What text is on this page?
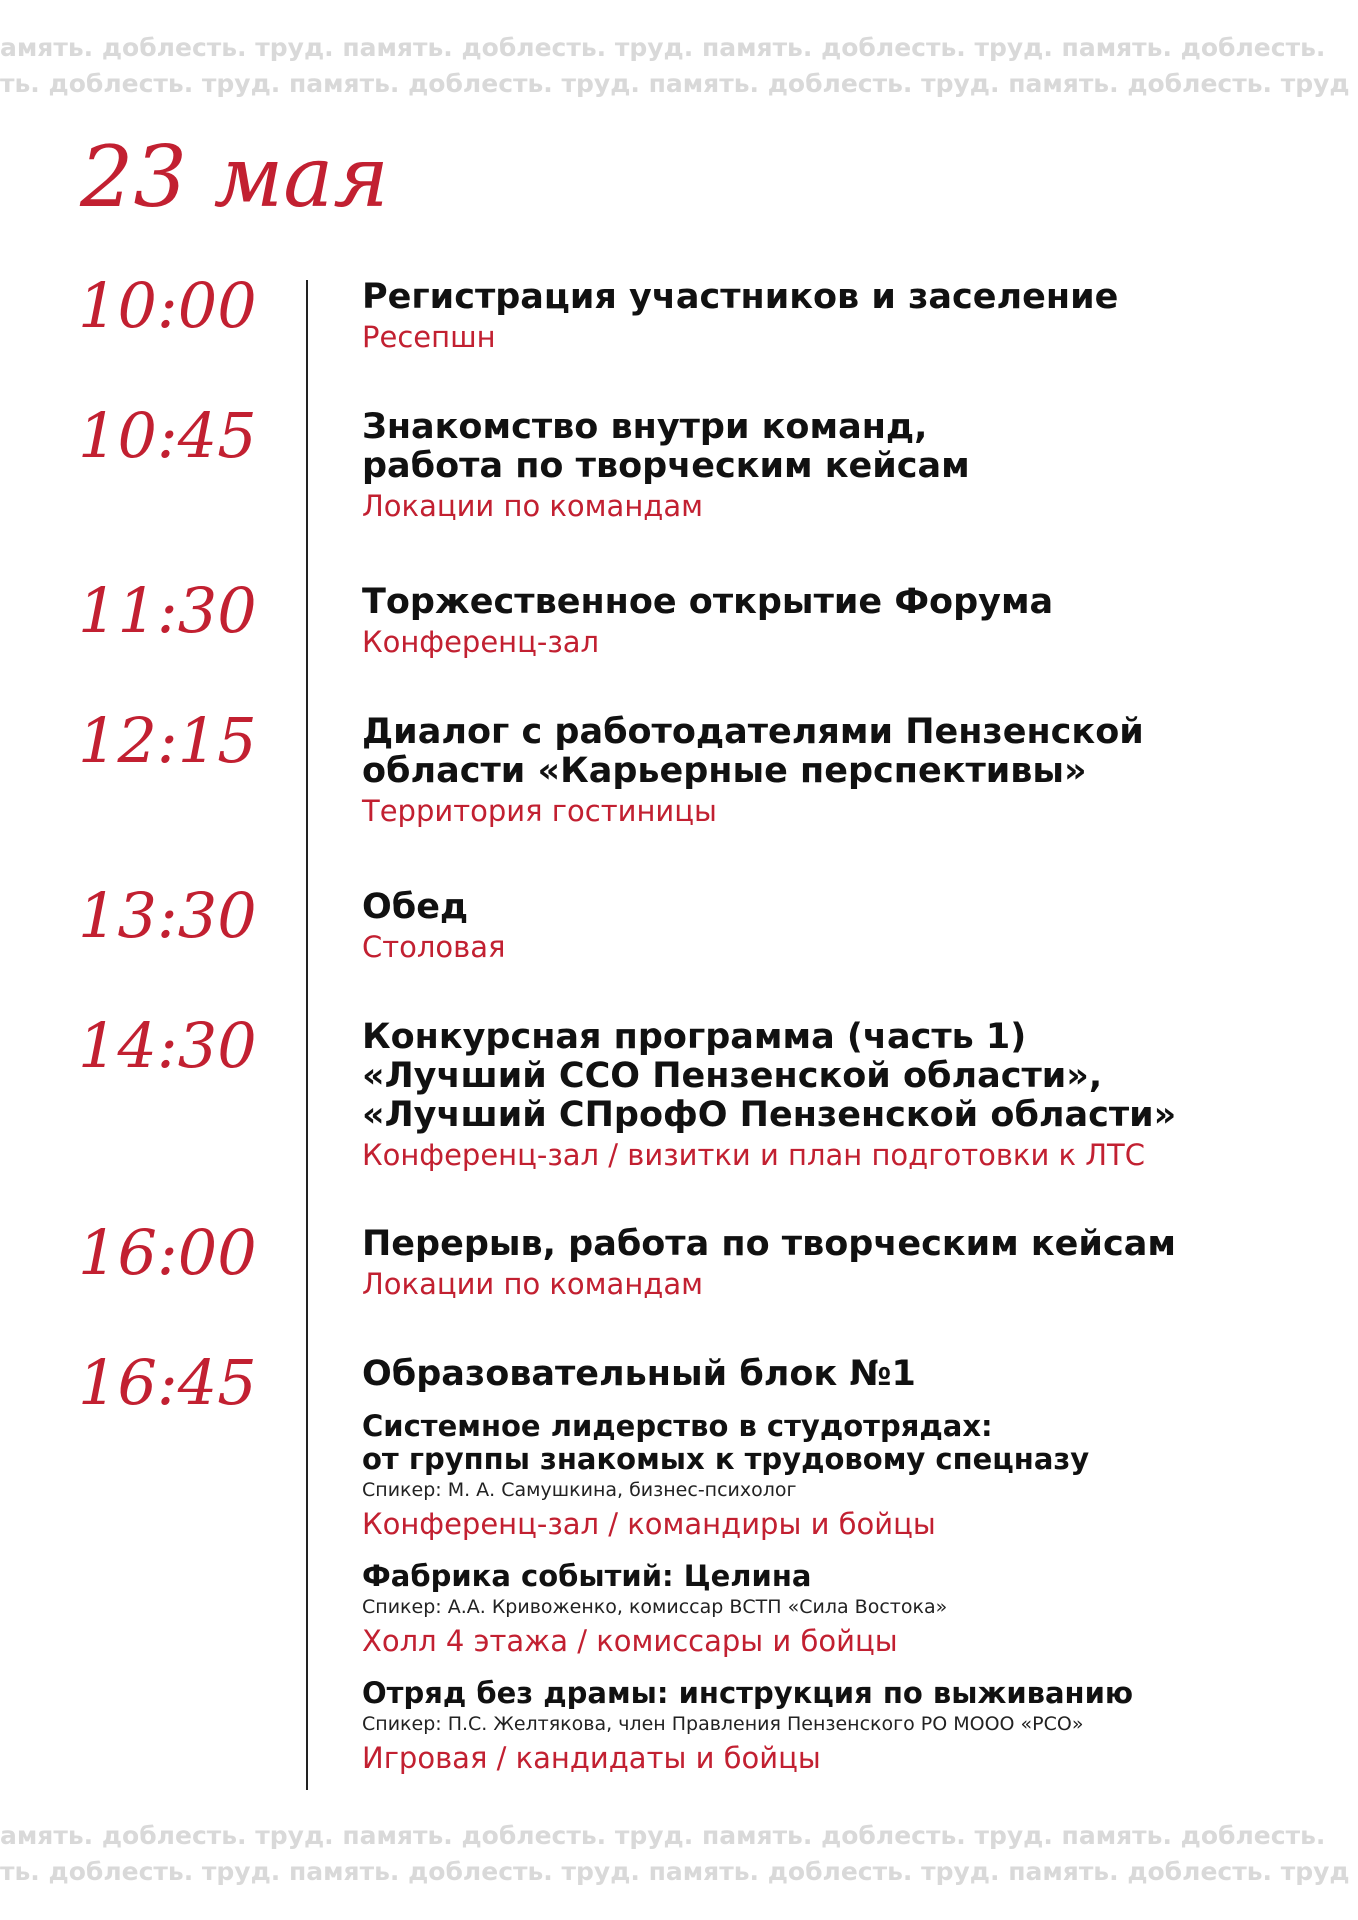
амять. доблесть. труд. память. доблесть. труд. память. доблесть. труд. память. доблесть.
ть. доблесть. труд. память. доблесть. труд. память. доблесть. труд. память. доблесть. труд
23 мая
10:00	Регистрация участников и заселение
Ресепшн
10:45	Знакомство внутри команд,
работа по творческим кейсам
Локации по командам
11:30	Торжественное открытие Форума
Конференц-зал
12:15	Диалог с работодателями Пензенской
области «Карьерные перспективы»
Территория гостиницы
13:30	Обед
Столовая
14:30	Конкурсная программа (часть 1)
«Лучший ССО Пензенской области»,
«Лучший СПрофО Пензенской области»
Конференц-зал / визитки и план подготовки к ЛТС
16:00	Перерыв, работа по творческим кейсам
Локации по командам
16:45	Образовательный блок №1
Системное лидерство в студотрядах:
от группы знакомых к трудовому спецназу
Спикер: М. А. Самушкина, бизнес-психолог
Конференц-зал / командиры и бойцы
Фабрика событий: Целина
Спикер: А.А. Кривоженко, комиссар ВСТП «Сила Востока»
Холл 4 этажа / комиссары и бойцы
Отряд без драмы: инструкция по выживанию
Спикер: П.С. Желтякова, член Правления Пензенского РО МООО «РСО»
Игровая / кандидаты и бойцы
амять. доблесть. труд. память. доблесть. труд. память. доблесть. труд. память. доблесть.
ть. доблесть. труд. память. доблесть. труд. память. доблесть. труд. память. доблесть. труд
